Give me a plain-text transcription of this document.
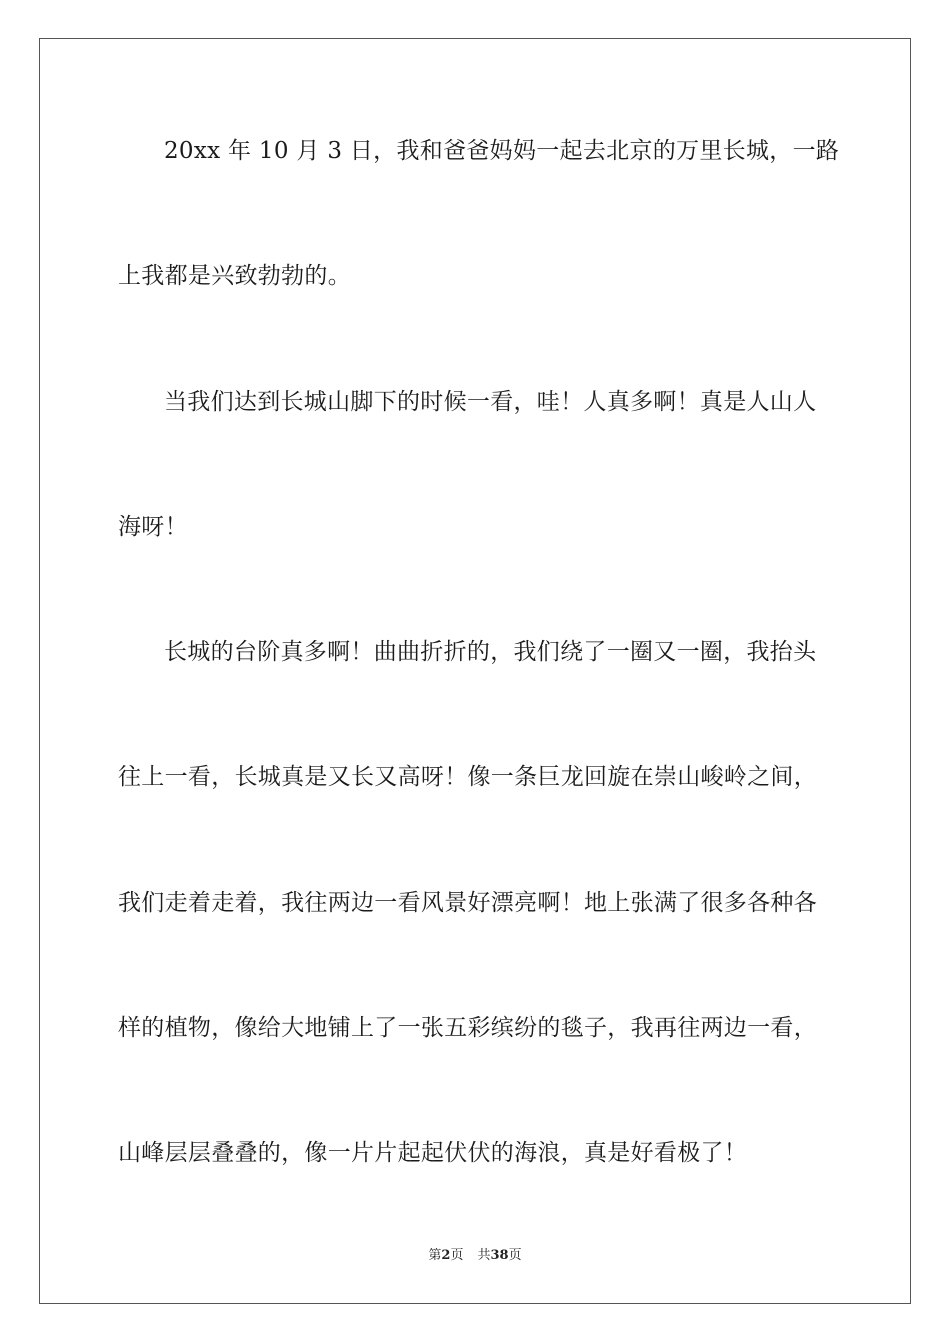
20xx 年 10 月 3 日，我和爸爸妈妈一起去北京的万里长城，一路
上我都是兴致勃勃的。
当我们达到长城山脚下的时候一看，哇！人真多啊！真是人山人
海呀！
长城的台阶真多啊！曲曲折折的，我们绕了一圈又一圈，我抬头
往上一看，长城真是又长又高呀！像一条巨龙回旋在崇山峻岭之间，
我们走着走着，我往两边一看风景好漂亮啊！地上张满了很多各种各
样的植物，像给大地铺上了一张五彩缤纷的毯子，我再往两边一看，
山峰层层叠叠的，像一片片起起伏伏的海浪，真是好看极了！
第2页 共38页
